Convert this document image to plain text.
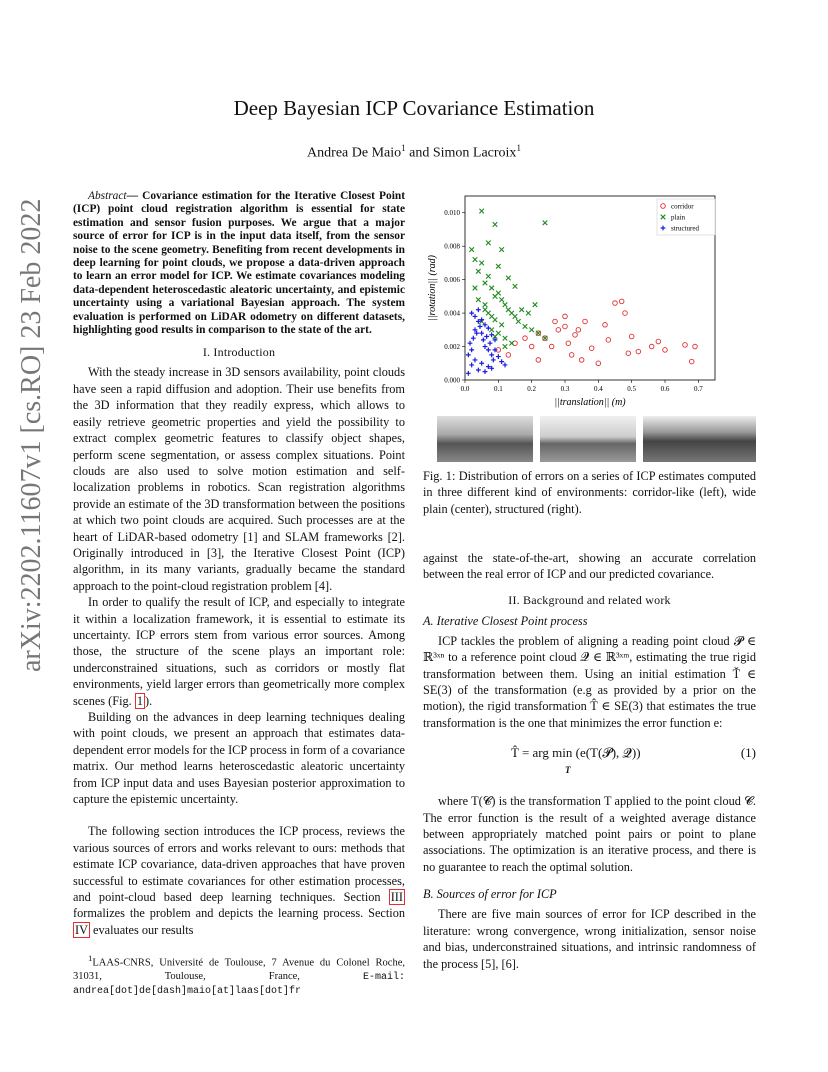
Deep Bayesian ICP Covariance Estimation
Andrea De Maio$^1$ and Simon Lacroix$^1$
arXiv:2202.11607v1 [cs.RO] 23 Feb 2022

Abstract— Covariance estimation for the Iterative Closest Point (ICP) point cloud registration algorithm is essential for state estimation and sensor fusion purposes. We argue that a major source of error for ICP is in the input data itself, from the sensor noise to the scene geometry. Benefiting from recent developments in deep learning for point clouds, we propose a data-driven approach to learn an error model for ICP. We estimate covariances modeling data-dependent heteroscedastic aleatoric uncertainty, and epistemic uncertainty using a variational Bayesian approach. The system evaluation is performed on LiDAR odometry on different datasets, highlighting good results in comparison to the state of the art.

I. Introduction

With the steady increase in 3D sensors availability, point clouds have seen a rapid diffusion and adoption. Their use benefits from the 3D information that they readily express, which allows to easily retrieve geometric properties and yield the possibility to extract complex geometric features to classify object shapes, perform scene segmentation, or assess complex situations. Point clouds are also used to solve motion estimation and self-localization problems in robotics. Scan registration algorithms provide an estimate of the 3D transformation between the positions at which two point clouds are acquired. Such processes are at the heart of LiDAR-based odometry [1] and SLAM frameworks [2]. Originally introduced in [3], the Iterative Closest Point (ICP) algorithm, in its many variants, gradually became the standard approach to the point-cloud registration problem [4].

In order to qualify the result of ICP, and especially to integrate it within a localization framework, it is essential to estimate its uncertainty. ICP errors stem from various error sources. Among those, the structure of the scene plays an important role: underconstrained situations, such as corridors or mostly flat environments, yield larger errors than geometrically more complex scenes (Fig. 1 ).

Building on the advances in deep learning techniques dealing with point clouds, we present an approach that estimates data-dependent error models for the ICP process in form of a covariance matrix. Our method learns heteroscedastic aleatoric uncertainty from ICP input data and uses Bayesian posterior approximation to capture the epistemic uncertainty.

The following section introduces the ICP process, reviews the various sources of errors and works relevant to ours: methods that estimate ICP covariance, data-driven approaches that have proven successful to estimate covariances for other estimation processes, and point-cloud based deep learning techniques. Section III formalizes the problem and depicts the learning process. Section IV evaluates our results

$^1$LAAS-CNRS, Université de Toulouse, 7 Avenue du Colonel Roche, 31031, Toulouse, France, E-mail: andrea[dot]de[dash]maio[at]laas[dot]fr

0.0	0.1	0.2	0.3	0.4	0.5	0.6	0.7
0.000
0.002
0.004
0.006
0.008
0.010
||translation|| (m)
||rotation|| (rad)
corridor
plain
structured
Fig. 1: Distribution of errors on a series of ICP estimates computed in three different kind of environments: corridor-like (left), wide plain (center), structured (right).

against the state-of-the-art, showing an accurate correlation between the real error of ICP and our predicted covariance.

II. Background and related work
A. Iterative Closest Point process

ICP tackles the problem of aligning a reading point cloud 𝓟 ∈ ℝ³ˣⁿ to a reference point cloud 𝓠 ∈ ℝ³ˣᵐ, estimating the true rigid transformation between them. Using an initial estimation Ť ∈ SE(3) of the transformation (e.g as provided by a prior on the motion), the rigid transformation T̂ ∈ SE(3) that estimates the true transformation is the one that minimizes the error function e:

T̂ = arg min (e(T(𝓟), 𝓠))
T
(1)

where T(𝓒) is the transformation T applied to the point cloud 𝓒. The error function is the result of a weighted average distance between appropriately matched point pairs or point to plane associations. The optimization is an iterative process, and there is no guarantee to reach the optimal solution.

B. Sources of error for ICP

There are five main sources of error for ICP described in the literature: wrong convergence, wrong initialization, sensor noise and bias, underconstrained situations, and intrinsic randomness of the process [5], [6].
